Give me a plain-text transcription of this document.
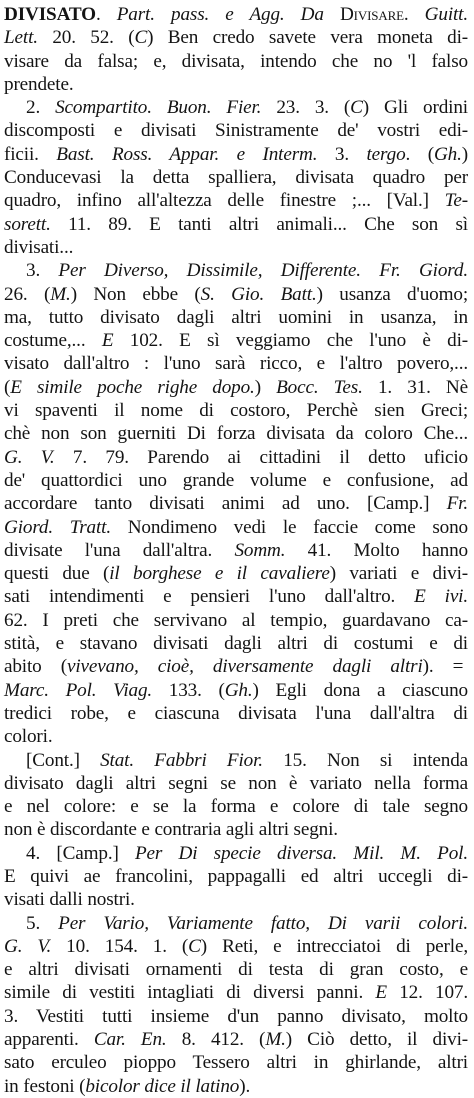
DIVISATO. Part. pass. e Agg. Da Divisare. Guitt.
Lett. 20. 52. (C) Ben credo savete vera moneta di-
visare da falsa; e, divisata, intendo che no 'l falso
prendete.
2. Scompartito. Buon. Fier. 23. 3. (C) Gli ordini
discomposti e divisati Sinistramente de' vostri edi-
ficii. Bast. Ross. Appar. e Interm. 3. tergo. (Gh.)
Conducevasi la detta spalliera, divisata quadro per
quadro, infino all'altezza delle finestre ;... [Val.] Te-
sorett. 11. 89. E tanti altri animali... Che son sì
divisati...
3. Per Diverso, Dissimile, Differente. Fr. Giord.
26. (M.) Non ebbe (S. Gio. Batt.) usanza d'uomo;
ma, tutto divisato dagli altri uomini in usanza, in
costume,... E 102. E sì veggiamo che l'uno è di-
visato dall'altro : l'uno sarà ricco, e l'altro povero,...
(E simile poche righe dopo.) Bocc. Tes. 1. 31. Nè
vi spaventi il nome di costoro, Perchè sien Greci;
chè non son guerniti Di forza divisata da coloro Che...
G. V. 7. 79. Parendo ai cittadini il detto uficio
de' quattordici uno grande volume e confusione, ad
accordare tanto divisati animi ad uno. [Camp.] Fr.
Giord. Tratt. Nondimeno vedi le faccie come sono
divisate l'una dall'altra. Somm. 41. Molto hanno
questi due (il borghese e il cavaliere) variati e divi-
sati intendimenti e pensieri l'uno dall'altro. E ivi.
62. I preti che servivano al tempio, guardavano ca-
stità, e stavano divisati dagli altri di costumi e di
abito (vivevano, cioè, diversamente dagli altri). =
Marc. Pol. Viag. 133. (Gh.) Egli dona a ciascuno
tredici robe, e ciascuna divisata l'una dall'altra di
colori.
[Cont.] Stat. Fabbri Fior. 15. Non si intenda
divisato dagli altri segni se non è variato nella forma
e nel colore: e se la forma e colore di tale segno
non è discordante e contraria agli altri segni.
4. [Camp.] Per Di specie diversa. Mil. M. Pol.
E quivi ae francolini, pappagalli ed altri uccegli di-
visati dalli nostri.
5. Per Vario, Variamente fatto, Di varii colori.
G. V. 10. 154. 1. (C) Reti, e intrecciatoi di perle,
e altri divisati ornamenti di testa di gran costo, e
simile di vestiti intagliati di diversi panni. E 12. 107.
3. Vestiti tutti insieme d'un panno divisato, molto
apparenti. Car. En. 8. 412. (M.) Ciò detto, il divi-
sato erculeo pioppo Tessero altri in ghirlande, altri
in festoni (bicolor dice il latino).
